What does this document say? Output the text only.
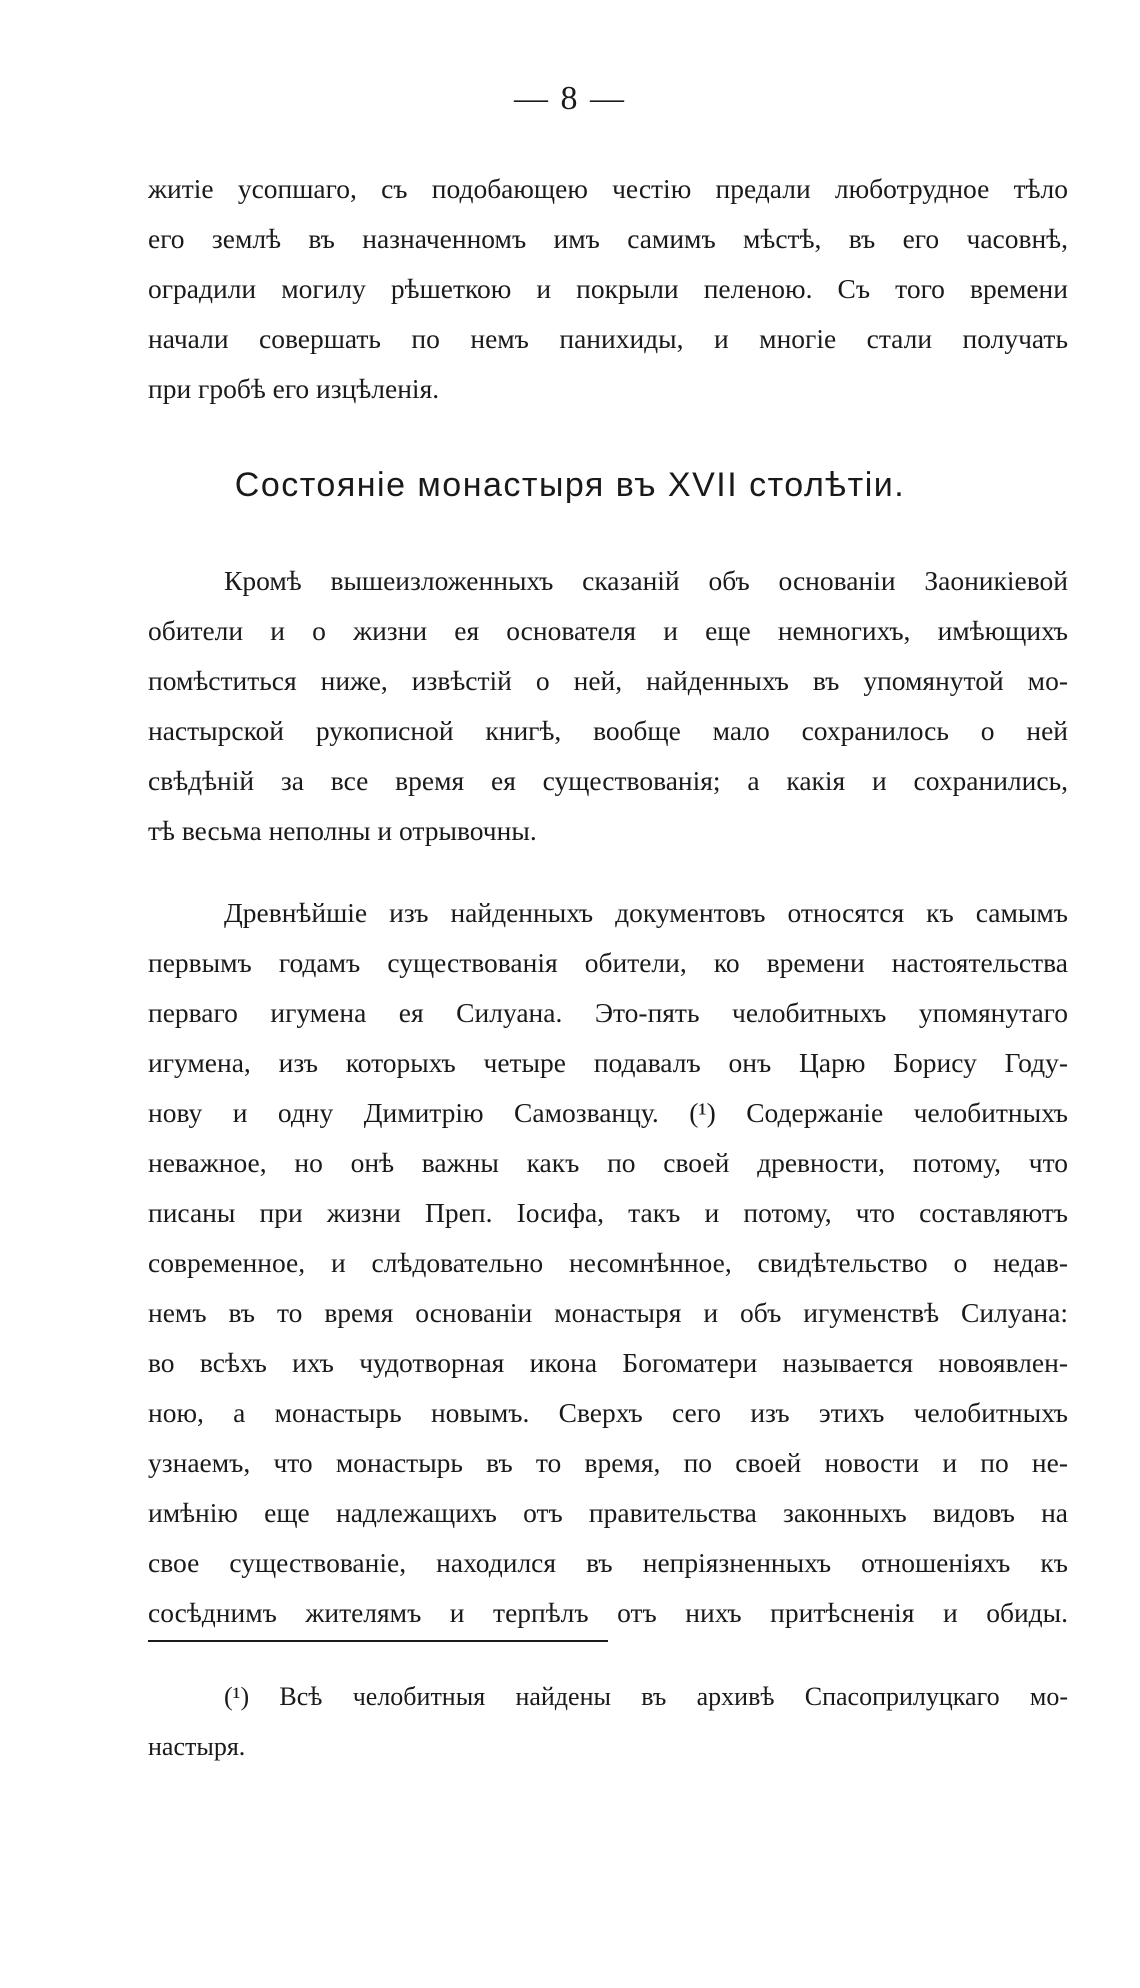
— 8 —
житіе усопшаго, съ подобающею честію предали люботрудное тѣло
его землѣ въ назначенномъ имъ самимъ мѣстѣ, въ его часовнѣ,
оградили могилу рѣшеткою и покрыли пеленою. Съ того времени
начали совершать по немъ панихиды, и многіе стали получать
при гробѣ его изцѣленія.
Состояніе монастыря въ XVII столѣтіи.
Кромѣ вышеизложенныхъ сказаній объ основаніи Заоникіевой
обители и о жизни ея основателя и еще немногихъ, имѣющихъ
помѣститься ниже, извѣстій о ней, найденныхъ въ упомянутой мо-
настырской рукописной книгѣ, вообще мало сохранилось о ней
свѣдѣній за все время ея существованія; а какія и сохранились,
тѣ весьма неполны и отрывочны.
Древнѣйшіе изъ найденныхъ документовъ относятся къ самымъ
первымъ годамъ существованія обители, ко времени настоятельства
перваго игумена ея Силуана. Это-пять челобитныхъ упомянутаго
игумена, изъ которыхъ четыре подавалъ онъ Царю Борису Году-
нову и одну Димитрію Самозванцу. (¹) Содержаніе челобитныхъ
неважное, но онѣ важны какъ по своей древности, потому, что
писаны при жизни Преп. Іосифа, такъ и потому, что составляютъ
современное, и слѣдовательно несомнѣнное, свидѣтельство о недав-
немъ въ то время основаніи монастыря и объ игуменствѣ Силуана:
во всѣхъ ихъ чудотворная икона Богоматери называется новоявлен-
ною, а монастырь новымъ. Сверхъ сего изъ этихъ челобитныхъ
узнаемъ, что монастырь въ то время, по своей новости и по не-
имѣнію еще надлежащихъ отъ правительства законныхъ видовъ на
свое существованіе, находился въ непріязненныхъ отношеніяхъ къ
сосѣднимъ жителямъ и терпѣлъ отъ нихъ притѣсненія и обиды.
(¹) Всѣ челобитныя найдены въ архивѣ Спасоприлуцкаго мо-
настыря.
